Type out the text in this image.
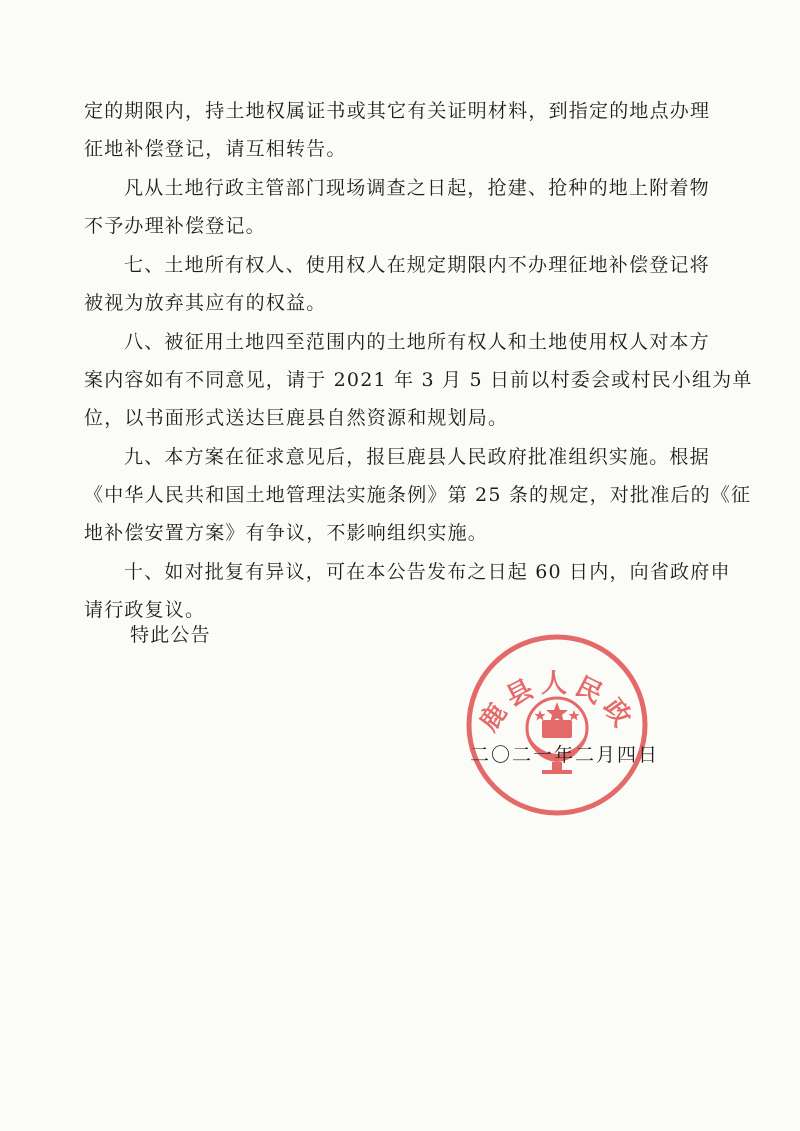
定的期限内，持土地权属证书或其它有关证明材料，到指定的地点办理
征地补偿登记，请互相转告。

凡从土地行政主管部门现场调查之日起，抢建、抢种的地上附着物
不予办理补偿登记。

七、土地所有权人、使用权人在规定期限内不办理征地补偿登记将
被视为放弃其应有的权益。

八、被征用土地四至范围内的土地所有权人和土地使用权人对本方
案内容如有不同意见，请于 2021 年 3 月 5 日前以村委会或村民小组为单
位，以书面形式送达巨鹿县自然资源和规划局。

九、本方案在征求意见后，报巨鹿县人民政府批准组织实施。根据
《中华人民共和国土地管理法实施条例》第 25 条的规定，对批准后的《征
地补偿安置方案》有争议，不影响组织实施。

十、如对批复有异议，可在本公告发布之日起 60 日内，向省政府申
请行政复议。

特此公告
鹿县人民政
二〇二一年二月四日
